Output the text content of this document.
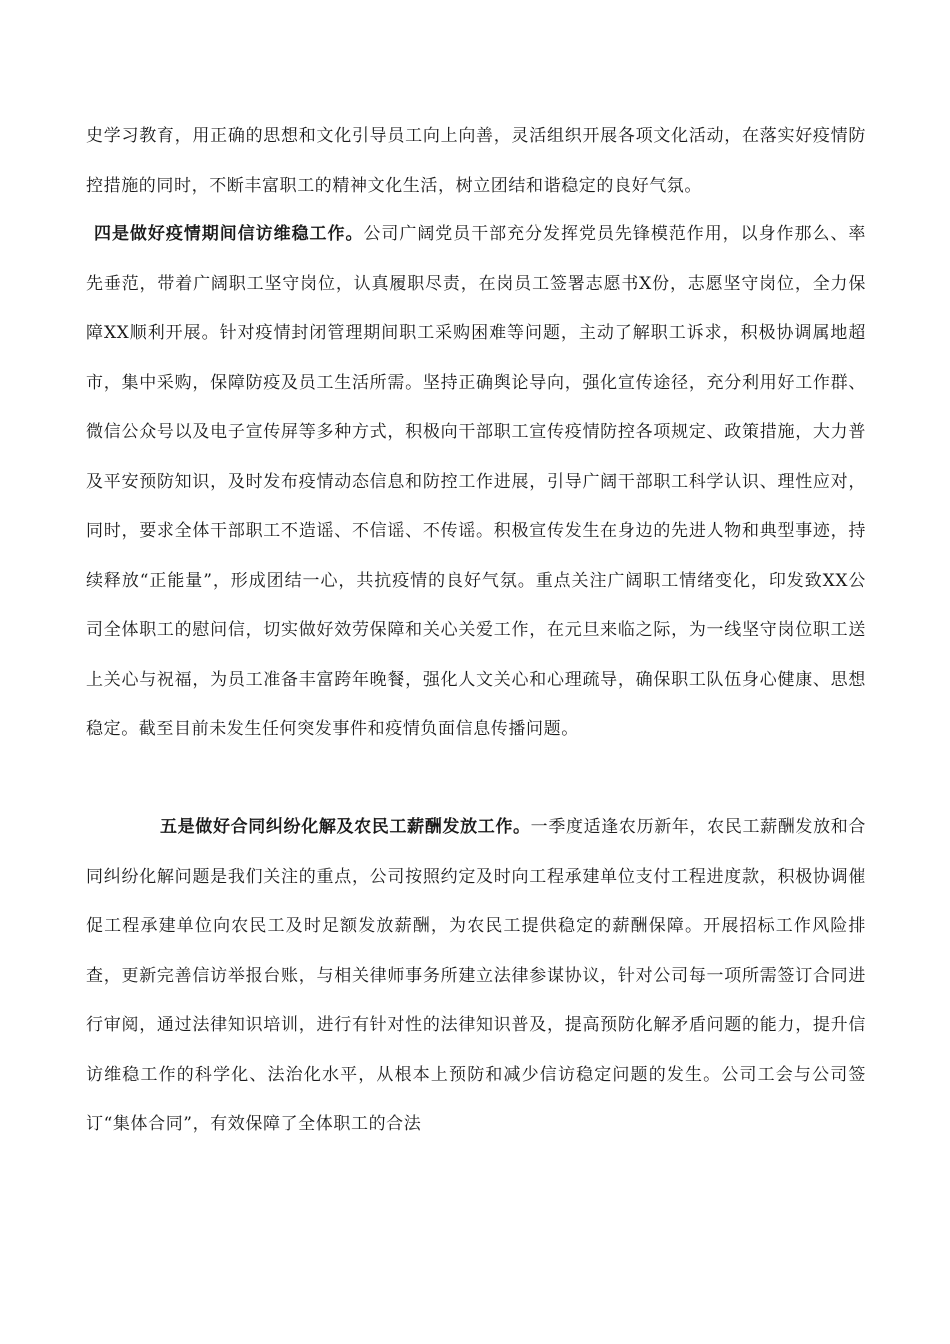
史学习教育，用正确的思想和文化引导员工向上向善，灵活组织开展各项文化活动，在落实好疫情防控措施的同时，不断丰富职工的精神文化生活，树立团结和谐稳定的良好气氛。

四是做好疫情期间信访维稳工作。公司广阔党员干部充分发挥党员先锋模范作用，以身作那么、率先垂范，带着广阔职工坚守岗位，认真履职尽责，在岗员工签署志愿书X份，志愿坚守岗位，全力保障XX顺利开展。针对疫情封闭管理期间职工采购困难等问题，主动了解职工诉求，积极协调属地超市，集中采购，保障防疫及员工生活所需。坚持正确舆论导向，强化宣传途径，充分利用好工作群、微信公众号以及电子宣传屏等多种方式，积极向干部职工宣传疫情防控各项规定、政策措施，大力普及平安预防知识，及时发布疫情动态信息和防控工作进展，引导广阔干部职工科学认识、理性应对，同时，要求全体干部职工不造谣、不信谣、不传谣。积极宣传发生在身边的先进人物和典型事迹，持续释放“正能量”，形成团结一心，共抗疫情的良好气氛。重点关注广阔职工情绪变化，印发致XX公司全体职工的慰问信，切实做好效劳保障和关心关爱工作，在元旦来临之际，为一线坚守岗位职工送上关心与祝福，为员工准备丰富跨年晚餐，强化人文关心和心理疏导，确保职工队伍身心健康、思想稳定。截至目前未发生任何突发事件和疫情负面信息传播问题。

五是做好合同纠纷化解及农民工薪酬发放工作。一季度适逢农历新年，农民工薪酬发放和合同纠纷化解问题是我们关注的重点，公司按照约定及时向工程承建单位支付工程进度款，积极协调催促工程承建单位向农民工及时足额发放薪酬，为农民工提供稳定的薪酬保障。开展招标工作风险排查，更新完善信访举报台账，与相关律师事务所建立法律参谋协议，针对公司每一项所需签订合同进行审阅，通过法律知识培训，进行有针对性的法律知识普及，提高预防化解矛盾问题的能力，提升信访维稳工作的科学化、法治化水平，从根本上预防和减少信访稳定问题的发生。公司工会与公司签订“集体合同”，有效保障了全体职工的合法
